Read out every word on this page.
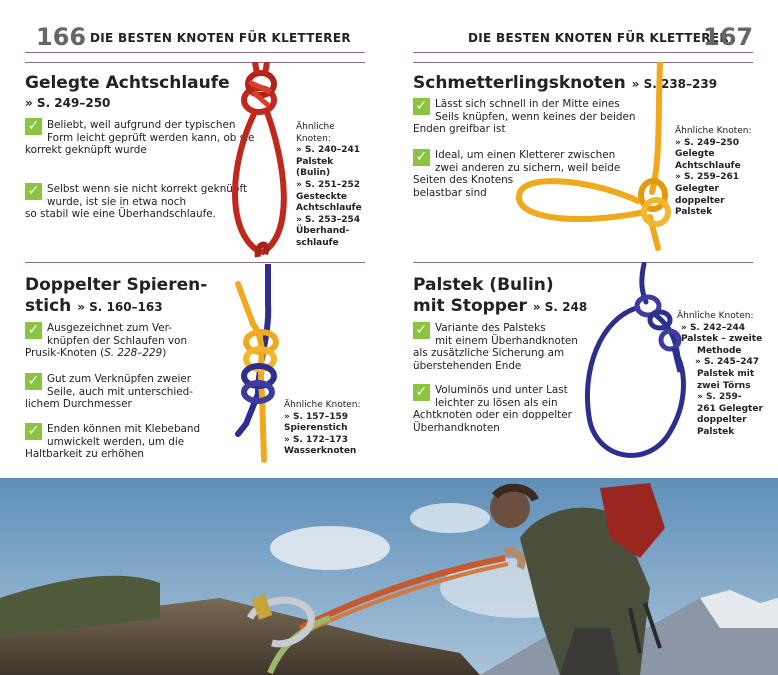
166 DIE BESTEN KNOTEN FÜR KLETTERER	DIE BESTEN KNOTEN FÜR KLETTERER
167
Gelegte Achtschlaufe
» S. 249–250
✓ Beliebt, weil aufgrund der typischen
Form leicht geprüft werden kann, ob sie
korrekt geknüpft wurde
✓ Selbst wenn sie nicht korrekt geknüpft
wurde, ist sie in etwa noch
so stabil wie eine Überhandschlaufe.
Ähnliche
Knoten:
» S. 240–241
Palstek (Bulin)
» S. 251–252
Gesteckte
Achtschlaufe
» S. 253–254
Überhand-
schlaufe
Doppelter Spieren-
stich » S. 160–163
✓ Ausgezeichnet zum Ver-
knüpfen der Schlaufen von
Prusik-Knoten (S. 228–229)
✓ Gut zum Verknüpfen zweier
Seile, auch mit unterschied-
lichem Durchmesser
✓ Enden können mit Klebeband
umwickelt werden, um die
Haltbarkeit zu erhöhen
Ähnliche Knoten:
» S. 157–159
Spierenstich
» S. 172–173
Wasserknoten
Schmetterlingsknoten » S. 238–239
✓ Lässt sich schnell in der Mitte eines
Seils knüpfen, wenn keines der beiden
Enden greifbar ist
✓ Ideal, um einen Kletterer zwischen
zwei anderen zu sichern, weil beide
Seiten des Knotens
belastbar sind
Ähnliche Knoten:
» S. 249–250
Gelegte
Achtschlaufe
» S. 259–261
Gelegter doppelter
Palstek
Palstek (Bulin)
mit Stopper » S. 248
✓ Variante des Palsteks
mit einem Überhandknoten
als zusätzliche Sicherung am
überstehenden Ende
✓ Voluminös und unter Last
leichter zu lösen als ein
Achtknoten oder ein doppelter
Überhandknoten
Ähnliche Knoten:
» S. 242–244
Palstek – zweite
Methode
» S. 245–247
Palstek mit
zwei Törns
» S. 259-
261 Gelegter
doppelter
Palstek
